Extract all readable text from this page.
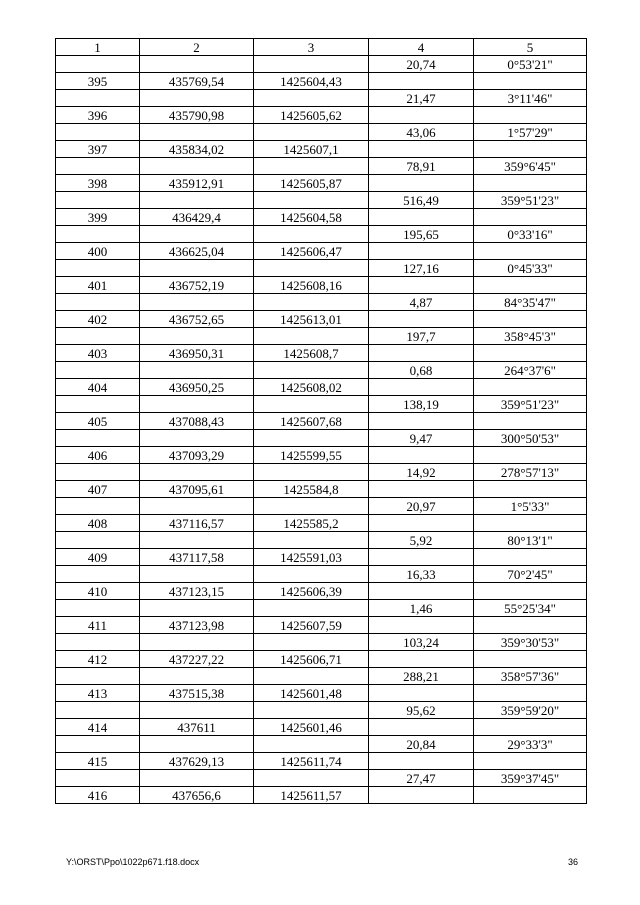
1	2	3	4	5
			20,74	0°53'21"
395	435769,54	1425604,43		
			21,47	3°11'46"
396	435790,98	1425605,62		
			43,06	1°57'29"
397	435834,02	1425607,1		
			78,91	359°6'45"
398	435912,91	1425605,87		
			516,49	359°51'23"
399	436429,4	1425604,58		
			195,65	0°33'16"
400	436625,04	1425606,47		
			127,16	0°45'33"
401	436752,19	1425608,16		
			4,87	84°35'47"
402	436752,65	1425613,01		
			197,7	358°45'3"
403	436950,31	1425608,7		
			0,68	264°37'6"
404	436950,25	1425608,02		
			138,19	359°51'23"
405	437088,43	1425607,68		
			9,47	300°50'53"
406	437093,29	1425599,55		
			14,92	278°57'13"
407	437095,61	1425584,8		
			20,97	1°5'33"
408	437116,57	1425585,2		
			5,92	80°13'1"
409	437117,58	1425591,03		
			16,33	70°2'45"
410	437123,15	1425606,39		
			1,46	55°25'34"
411	437123,98	1425607,59		
			103,24	359°30'53"
412	437227,22	1425606,71		
			288,21	358°57'36"
413	437515,38	1425601,48		
			95,62	359°59'20"
414	437611	1425601,46		
			20,84	29°33'3"
415	437629,13	1425611,74		
			27,47	359°37'45"
416	437656,6	1425611,57		
Y:\ORST\Ppo\1022p671.f18.docx	36
